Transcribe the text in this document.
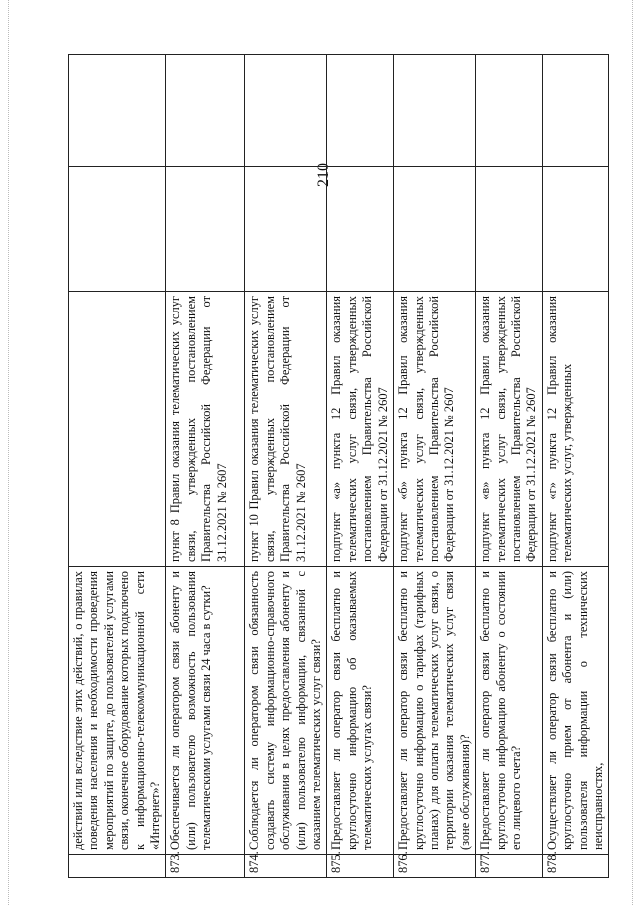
210
	действий или вследствие этих действий, о правилах поведения населения и необходимости проведения мероприятий по защите, до пользователей услугами связи, оконечное оборудование которых подключено к информационно-телекоммуникационной сети «Интернет»?			
873.	Обеспечивается ли оператором связи абоненту и (или) пользователю возможность пользования телематическими услугами связи 24 часа в сутки?	пункт 8 Правил оказания телематических услуг связи, утвержденных постановлением Правительства Российской Федерации от 31.12.2021 № 2607		
874.	Соблюдается ли оператором связи обязанность создавать систему информационно-справочного обслуживания в целях предоставления абоненту и (или) пользователю информации, связанной с оказанием телематических услуг связи?	пункт 10 Правил оказания телематических услуг связи, утвержденных постановлением Правительства Российской Федерации от 31.12.2021 № 2607		
875.	Предоставляет ли оператор связи бесплатно и круглосуточно информацию об оказываемых телематических услугах связи?	подпункт «а» пункта 12 Правил оказания телематических услуг связи, утвержденных постановлением Правительства Российской Федерации от 31.12.2021 № 2607		
876.	Предоставляет ли оператор связи бесплатно и круглосуточно информацию о тарифах (тарифных планах) для оплаты телематических услуг связи, о территории оказания телематических услуг связи (зоне обслуживания)?	подпункт «б» пункта 12 Правил оказания телематических услуг связи, утвержденных постановлением Правительства Российской Федерации от 31.12.2021 № 2607		
877.	Предоставляет ли оператор связи бесплатно и круглосуточно информацию абоненту о состоянии его лицевого счета?	подпункт «в» пункта 12 Правил оказания телематических услуг связи, утвержденных постановлением Правительства Российской Федерации от 31.12.2021 № 2607		
878.	Осуществляет ли оператор связи бесплатно и круглосуточно прием от абонента и (или) пользователя информации о технических неисправностях,	подпункт «г» пункта 12 Правил оказания телематических услуг, утвержденных		
